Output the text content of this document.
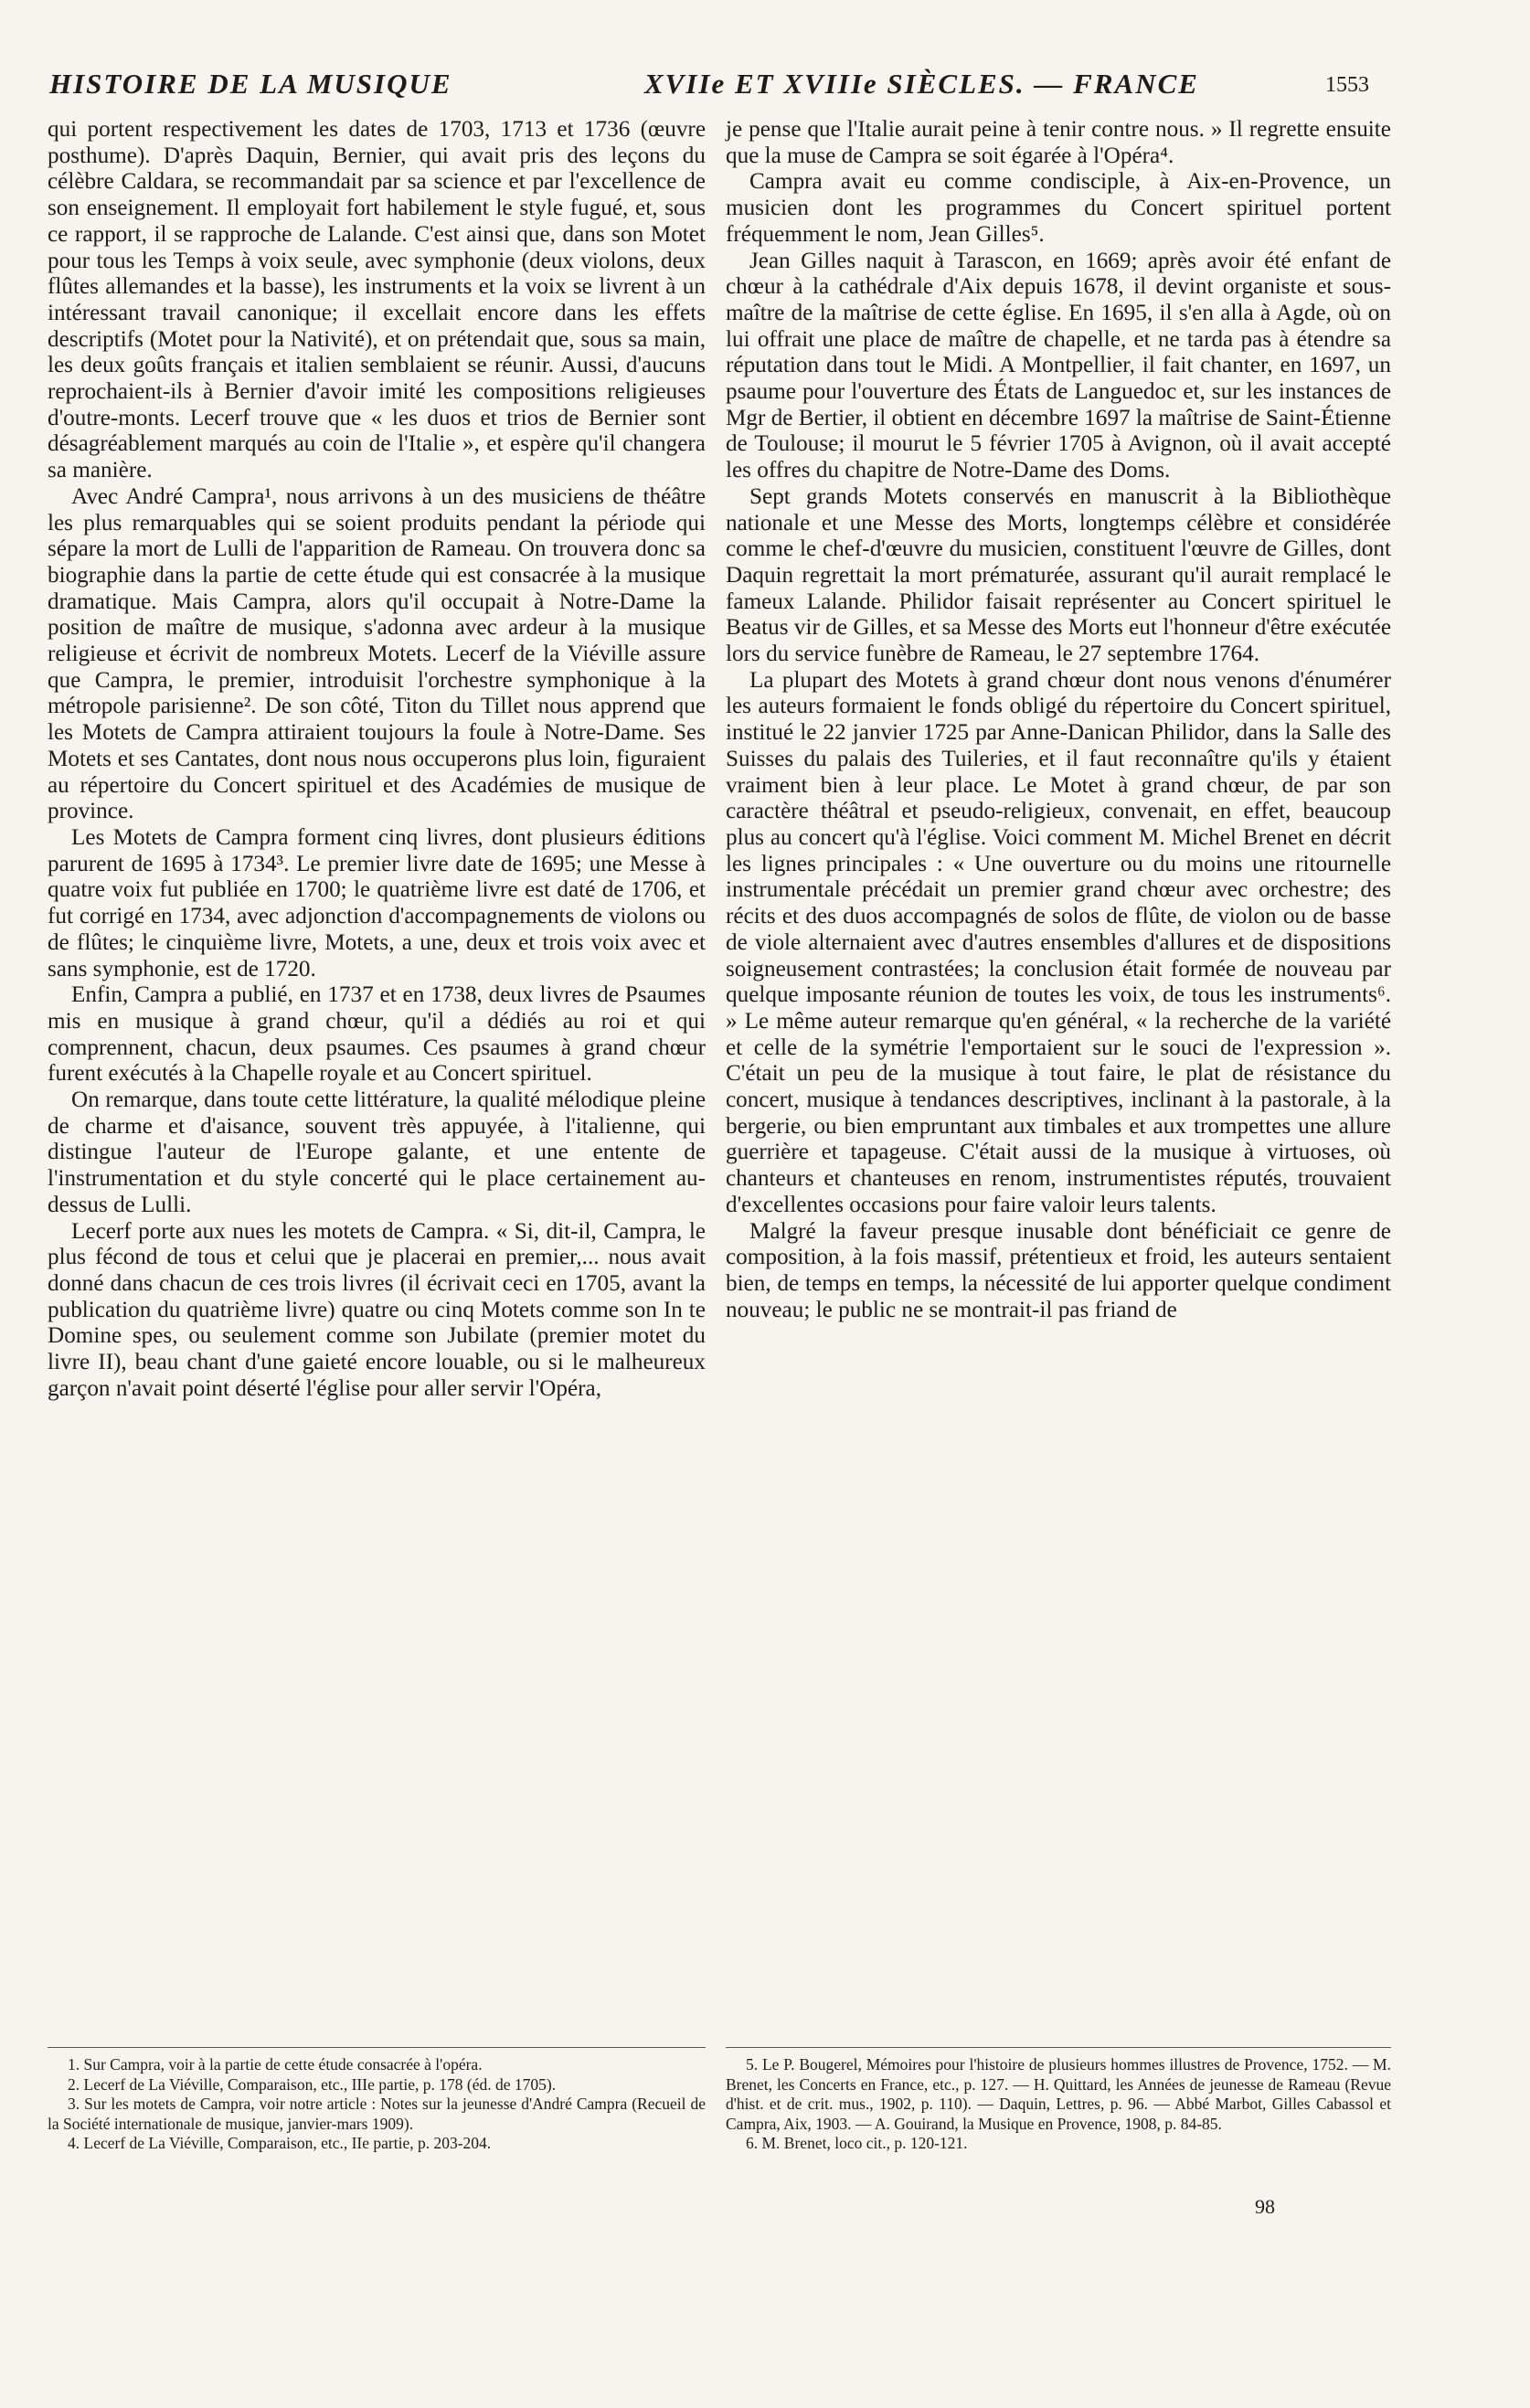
HISTOIRE DE LA MUSIQUE	XVIIe ET XVIIIe SIÈCLES. — FRANCE	1553

qui portent respectivement les dates de 1703, 1713 et 1736 (œuvre posthume). D'après Daquin, Bernier, qui avait pris des leçons du célèbre Caldara, se recommandait par sa science et par l'excellence de son enseignement. Il employait fort habilement le style fugué, et, sous ce rapport, il se rapproche de Lalande. C'est ainsi que, dans son Motet pour tous les Temps à voix seule, avec symphonie (deux violons, deux flûtes allemandes et la basse), les instruments et la voix se livrent à un intéressant travail canonique; il excellait encore dans les effets descriptifs (Motet pour la Nativité), et on prétendait que, sous sa main, les deux goûts français et italien semblaient se réunir. Aussi, d'aucuns reprochaient-ils à Bernier d'avoir imité les compositions religieuses d'outre-monts. Lecerf trouve que « les duos et trios de Bernier sont désagréablement marqués au coin de l'Italie », et espère qu'il changera sa manière.

Avec André Campra¹, nous arrivons à un des musiciens de théâtre les plus remarquables qui se soient produits pendant la période qui sépare la mort de Lulli de l'apparition de Rameau. On trouvera donc sa biographie dans la partie de cette étude qui est consacrée à la musique dramatique. Mais Campra, alors qu'il occupait à Notre-Dame la position de maître de musique, s'adonna avec ardeur à la musique religieuse et écrivit de nombreux Motets. Lecerf de la Viéville assure que Campra, le premier, introduisit l'orchestre symphonique à la métropole parisienne². De son côté, Titon du Tillet nous apprend que les Motets de Campra attiraient toujours la foule à Notre-Dame. Ses Motets et ses Cantates, dont nous nous occuperons plus loin, figuraient au répertoire du Concert spirituel et des Académies de musique de province.

Les Motets de Campra forment cinq livres, dont plusieurs éditions parurent de 1695 à 1734³. Le premier livre date de 1695; une Messe à quatre voix fut publiée en 1700; le quatrième livre est daté de 1706, et fut corrigé en 1734, avec adjonction d'accompagnements de violons ou de flûtes; le cinquième livre, Motets, a une, deux et trois voix avec et sans symphonie, est de 1720.

Enfin, Campra a publié, en 1737 et en 1738, deux livres de Psaumes mis en musique à grand chœur, qu'il a dédiés au roi et qui comprennent, chacun, deux psaumes. Ces psaumes à grand chœur furent exécutés à la Chapelle royale et au Concert spirituel.

On remarque, dans toute cette littérature, la qualité mélodique pleine de charme et d'aisance, souvent très appuyée, à l'italienne, qui distingue l'auteur de l'Europe galante, et une entente de l'instrumentation et du style concerté qui le place certainement au-dessus de Lulli.

Lecerf porte aux nues les motets de Campra. « Si, dit-il, Campra, le plus fécond de tous et celui que je placerai en premier,... nous avait donné dans chacun de ces trois livres (il écrivait ceci en 1705, avant la publication du quatrième livre) quatre ou cinq Motets comme son In te Domine spes, ou seulement comme son Jubilate (premier motet du livre II), beau chant d'une gaieté encore louable, ou si le malheureux garçon n'avait point déserté l'église pour aller servir l'Opéra,

je pense que l'Italie aurait peine à tenir contre nous. » Il regrette ensuite que la muse de Campra se soit égarée à l'Opéra⁴.

Campra avait eu comme condisciple, à Aix-en-Provence, un musicien dont les programmes du Concert spirituel portent fréquemment le nom, Jean Gilles⁵.

Jean Gilles naquit à Tarascon, en 1669; après avoir été enfant de chœur à la cathédrale d'Aix depuis 1678, il devint organiste et sous-maître de la maîtrise de cette église. En 1695, il s'en alla à Agde, où on lui offrait une place de maître de chapelle, et ne tarda pas à étendre sa réputation dans tout le Midi. A Montpellier, il fait chanter, en 1697, un psaume pour l'ouverture des États de Languedoc et, sur les instances de Mgr de Bertier, il obtient en décembre 1697 la maîtrise de Saint-Étienne de Toulouse; il mourut le 5 février 1705 à Avignon, où il avait accepté les offres du chapitre de Notre-Dame des Doms.

Sept grands Motets conservés en manuscrit à la Bibliothèque nationale et une Messe des Morts, longtemps célèbre et considérée comme le chef-d'œuvre du musicien, constituent l'œuvre de Gilles, dont Daquin regrettait la mort prématurée, assurant qu'il aurait remplacé le fameux Lalande. Philidor faisait représenter au Concert spirituel le Beatus vir de Gilles, et sa Messe des Morts eut l'honneur d'être exécutée lors du service funèbre de Rameau, le 27 septembre 1764.

La plupart des Motets à grand chœur dont nous venons d'énumérer les auteurs formaient le fonds obligé du répertoire du Concert spirituel, institué le 22 janvier 1725 par Anne-Danican Philidor, dans la Salle des Suisses du palais des Tuileries, et il faut reconnaître qu'ils y étaient vraiment bien à leur place. Le Motet à grand chœur, de par son caractère théâtral et pseudo-religieux, convenait, en effet, beaucoup plus au concert qu'à l'église. Voici comment M. Michel Brenet en décrit les lignes principales : « Une ouverture ou du moins une ritournelle instrumentale précédait un premier grand chœur avec orchestre; des récits et des duos accompagnés de solos de flûte, de violon ou de basse de viole alternaient avec d'autres ensembles d'allures et de dispositions soigneusement contrastées; la conclusion était formée de nouveau par quelque imposante réunion de toutes les voix, de tous les instruments⁶. » Le même auteur remarque qu'en général, « la recherche de la variété et celle de la symétrie l'emportaient sur le souci de l'expression ». C'était un peu de la musique à tout faire, le plat de résistance du concert, musique à tendances descriptives, inclinant à la pastorale, à la bergerie, ou bien empruntant aux timbales et aux trompettes une allure guerrière et tapageuse. C'était aussi de la musique à virtuoses, où chanteurs et chanteuses en renom, instrumentistes réputés, trouvaient d'excellentes occasions pour faire valoir leurs talents.

Malgré la faveur presque inusable dont bénéficiait ce genre de composition, à la fois massif, prétentieux et froid, les auteurs sentaient bien, de temps en temps, la nécessité de lui apporter quelque condiment nouveau; le public ne se montrait-il pas friand de

1. Sur Campra, voir à la partie de cette étude consacrée à l'opéra.

2. Lecerf de La Viéville, Comparaison, etc., IIIe partie, p. 178 (éd. de 1705).

3. Sur les motets de Campra, voir notre article : Notes sur la jeunesse d'André Campra (Recueil de la Société internationale de musique, janvier-mars 1909).

4. Lecerf de La Viéville, Comparaison, etc., IIe partie, p. 203-204.

5. Le P. Bougerel, Mémoires pour l'histoire de plusieurs hommes illustres de Provence, 1752. — M. Brenet, les Concerts en France, etc., p. 127. — H. Quittard, les Années de jeunesse de Rameau (Revue d'hist. et de crit. mus., 1902, p. 110). — Daquin, Lettres, p. 96. — Abbé Marbot, Gilles Cabassol et Campra, Aix, 1903. — A. Gouirand, la Musique en Provence, 1908, p. 84-85.

6. M. Brenet, loco cit., p. 120-121.

98
